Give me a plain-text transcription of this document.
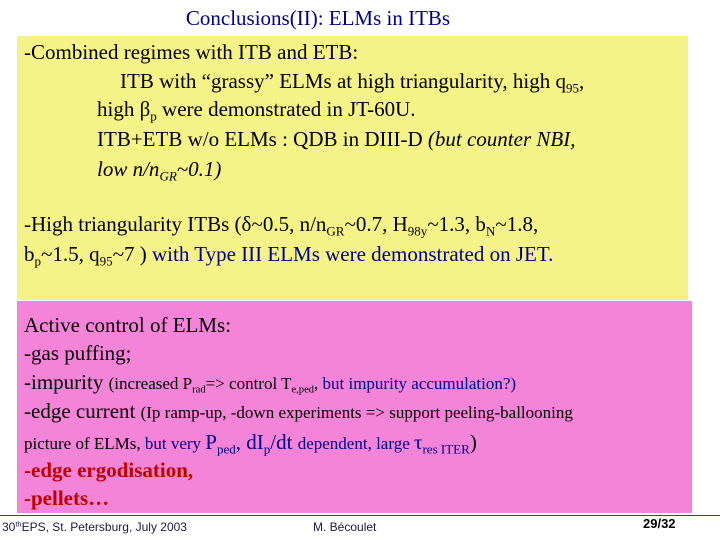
Conclusions(II): ELMs in ITBs
-Combined regimes with ITB and ETB:
ITB with “grassy” ELMs at high triangularity, high $q_{95}$,
high $\beta_p$ were demonstrated in JT-60U.
ITB+ETB w/o ELMs : QDB in DIII-D (but counter NBI,
low $n/n_{GR}\sim 0.1$)
-High triangularity ITBs (δ~0.5, $n/n_{GR}\sim 0.7$, $H_{98y}\sim 1.3$, $b_N\sim 1.8$,
$b_p\sim 1.5$, $q_{95}\sim 7$ ) with Type III ELMs were demonstrated on JET.
Active control of ELMs:
-gas puffing;
-impurity (increased $P_{rad}=>$ control $T_{e,ped}$, but impurity accumulation?)
-edge current (Ip ramp-up, -down experiments => support peeling-ballooning
picture of ELMs, but very $P_{ped}$, $dI_p/dt$ dependent, large $\tau_{res ITER}$)
-edge ergodisation,
-pellets…
30thEPS, St. Petersburg, July 2003	M. Bécoulet	29/32
